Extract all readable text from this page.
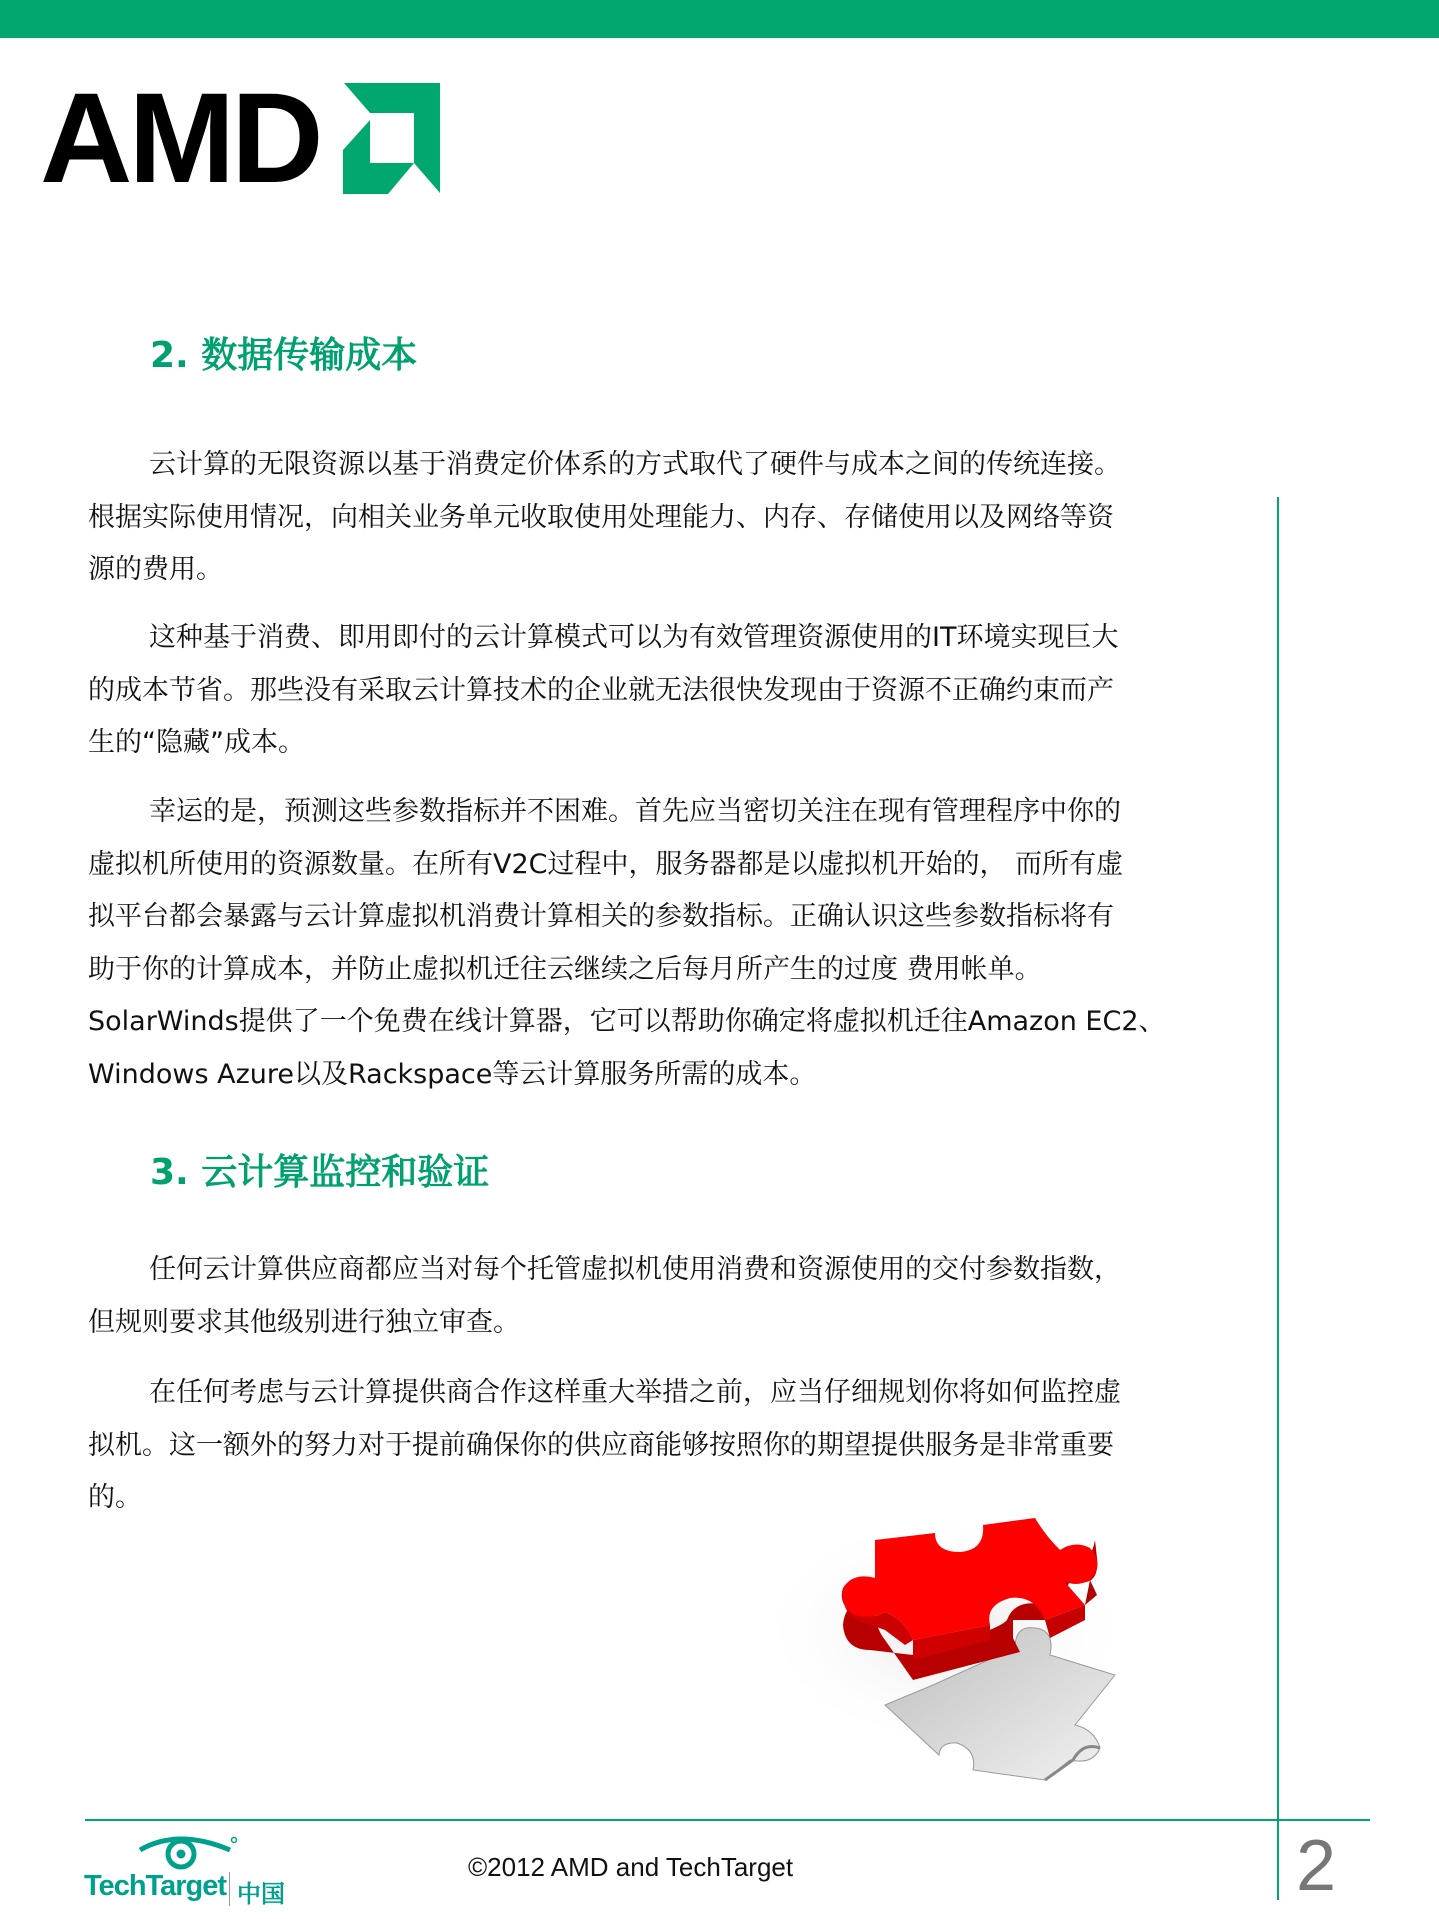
AMD
2. 数据传输成本
云计算的无限资源以基于消费定价体系的方式取代了硬件与成本之间的传统连接。
根据实际使用情况，向相关业务单元收取使用处理能力、内存、存储使用以及网络等资
源的费用。
这种基于消费、即用即付的云计算模式可以为有效管理资源使用的IT环境实现巨大
的成本节省。那些没有采取云计算技术的企业就无法很快发现由于资源不正确约束而产
生的“隐藏”成本。
幸运的是，预测这些参数指标并不困难。首先应当密切关注在现有管理程序中你的
虚拟机所使用的资源数量。在所有V2C过程中，服务器都是以虚拟机开始的， 而所有虚
拟平台都会暴露与云计算虚拟机消费计算相关的参数指标。正确认识这些参数指标将有
助于你的计算成本，并防止虚拟机迁往云继续之后每月所产生的过度 费用帐单。
SolarWinds提供了一个免费在线计算器，它可以帮助你确定将虚拟机迁往Amazon EC2、
Windows Azure以及Rackspace等云计算服务所需的成本。
3. 云计算监控和验证
任何云计算供应商都应当对每个托管虚拟机使用消费和资源使用的交付参数指数，
但规则要求其他级别进行独立审查。
在任何考虑与云计算提供商合作这样重大举措之前，应当仔细规划你将如何监控虚
拟机。这一额外的努力对于提前确保你的供应商能够按照你的期望提供服务是非常重要
的。
TechTarget 中国
©2012 AMD and TechTarget	2
